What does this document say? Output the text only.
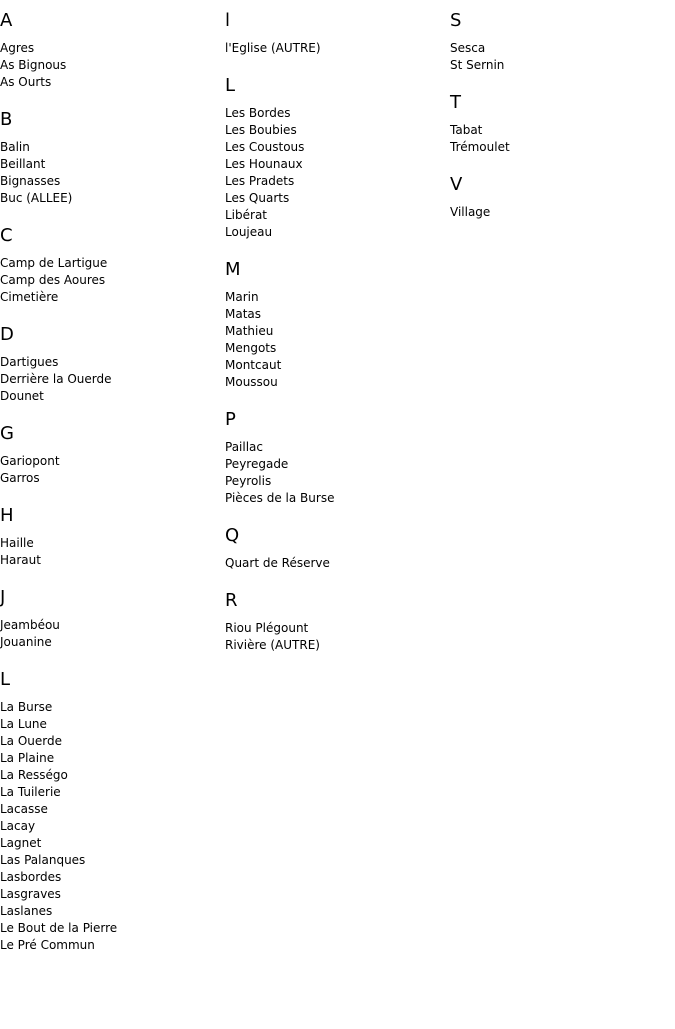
A
Agres
As Bignous
As Ourts
B
Balin
Beillant
Bignasses
Buc (ALLEE)
C
Camp de Lartigue
Camp des Aoures
Cimetière
D
Dartigues
Derrière la Ouerde
Dounet
G
Gariopont
Garros
H
Haille
Haraut
J
Jeambéou
Jouanine
L
La Burse
La Lune
La Ouerde
La Plaine
La Rességo
La Tuilerie
Lacasse
Lacay
Lagnet
Las Palanques
Lasbordes
Lasgraves
Laslanes
Le Bout de la Pierre
Le Pré Commun
l
l'Eglise (AUTRE)
L
Les Bordes
Les Boubies
Les Coustous
Les Hounaux
Les Pradets
Les Quarts
Libérat
Loujeau
M
Marin
Matas
Mathieu
Mengots
Montcaut
Moussou
P
Paillac
Peyregade
Peyrolis
Pièces de la Burse
Q
Quart de Réserve
R
Riou Plégount
Rivière (AUTRE)
S
Sesca
St Sernin
T
Tabat
Trémoulet
V
Village
